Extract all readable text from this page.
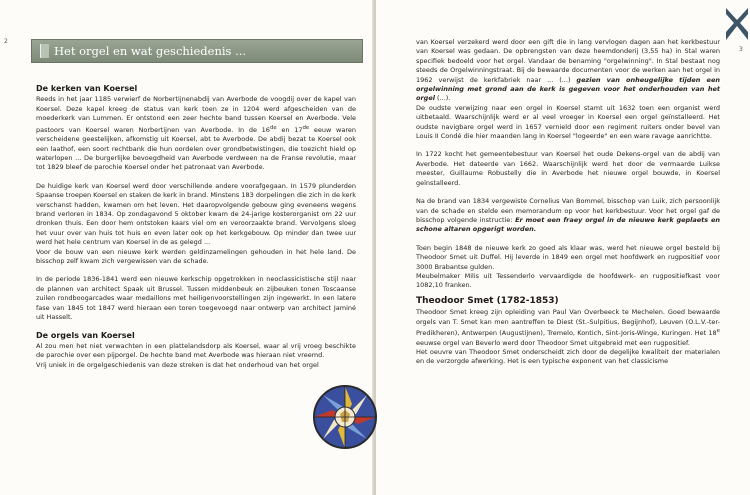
2
Het orgel en wat geschiedenis ...
De kerken van Koersel

Reeds in het jaar 1185 verwierf de Norbertijnenabdij van Averbode de voogdij over de kapel van Koersel. Deze kapel kreeg de status van kerk toen ze in 1204 werd afgescheiden van de moederkerk van Lummen. Er ontstond een zeer hechte band tussen Koersel en Averbode. Vele pastoors van Koersel waren Norbertijnen van Averbode. In de 16de en 17de eeuw waren verscheidene geestelijken, afkomstig uit Koersel, abt te Averbode. De abdij bezat te Koersel ook een laathof, een soort rechtbank die hun oordelen over grondbetwistingen, die toezicht hield op waterlopen ... De burgerlijke bevoegdheid van Averbode verdween na de Franse revolutie, maar tot 1829 bleef de parochie Koersel onder het patronaat van Averbode.

De huidige kerk van Koersel werd door verschillende andere voorafgegaan. In 1579 plunderden Spaanse troepen Koersel en staken de kerk in brand. Minstens 183 dorpelingen die zich in de kerk verschanst hadden, kwamen om het leven. Het daaropvolgende gebouw ging eveneens wegens brand verloren in 1834. Op zondagavond 5 oktober kwam de 24-jarige kosterorganist om 22 uur dronken thuis. Een door hem ontstoken kaars viel om en veroorzaakte brand. Vervolgens sloeg het vuur over van huis tot huis en even later ook op het kerkgebouw. Op minder dan twee uur werd het hele centrum van Koersel in de as gelegd ...

Voor de bouw van een nieuwe kerk werden geldinzamelingen gehouden in het hele land. De bisschop zelf kwam zich vergewissen van de schade.

In de periode 1836-1841 werd een nieuwe kerkschip opgetrokken in neoclassicistische stijl naar de plannen van architect Spaak uit Brussel. Tussen middenbeuk en zijbeuken tonen Toscaanse zuilen rondboogarcades waar medaillons met heiligenvoorstellingen zijn ingewerkt. In een latere fase van 1845 tot 1847 werd hieraan een toren toegevoegd naar ontwerp van architect Jaminé uit Hasselt.

De orgels van Koersel

Al zou men het niet verwachten in een plattelandsdorp als Koersel, waar al vrij vroeg beschikte de parochie over een pijporgel. De hechte band met Averbode was hieraan niet vreemd.

Vrij uniek in de orgelgeschiedenis van deze streken is dat het onderhoud van het orgel

3

van Koersel verzekerd werd door een gift die in lang vervlogen dagen aan het kerkbestuur van Koersel was gedaan. De opbrengsten van deze heemdonderij (3,55 ha) in Stal waren specifiek bedoeld voor het orgel. Vandaar de benaming "orgelwinning". In Stal bestaat nog steeds de Orgelwinningstraat. Bij de bewaarde documenten voor de werken aan het orgel in 1962 verwijst de kerkfabriek naar ... (...) gezien van onheugelijke tijden een orgelwinning met grond aan de kerk is gegeven voor het onderhouden van het orgel (...).

De oudste verwijzing naar een orgel in Koersel stamt uit 1632 toen een organist werd uitbetaald. Waarschijnlijk werd er al veel vroeger in Koersel een orgel geïnstalleerd. Het oudste navigbare orgel werd in 1657 vernield door een regiment ruiters onder bevel van Louis II Condé die hier maanden lang in Koersel "logeerde" en een ware ravage aanrichtte.

In 1722 kocht het gemeentebestuur van Koersel het oude Dekens-orgel van de abdij van Averbode. Het dateerde van 1662. Waarschijnlijk werd het door de vermaarde Luikse meester, Guillaume Robustelly die in Averbode het nieuwe orgel bouwde, in Koersel geïnstalleerd.

Na de brand van 1834 vergewiste Cornelius Van Bommel, bisschop van Luik, zich persoonlijk van de schade en stelde een memorandum op voor het kerkbestuur. Voor het orgel gaf de bisschop volgende instructie: Er moet een fraey orgel in de nieuwe kerk geplaets en schone altaren opgerigt worden.

Toen begin 1848 de nieuwe kerk zo goed als klaar was, werd het nieuwe orgel besteld bij Theodoor Smet uit Duffel. Hij leverde in 1849 een orgel met hoofdwerk en rugpositief voor 3000 Brabantse gulden.

Meubelmaker Milis uit Tessenderlo vervaardigde de hoofdwerk- en rugpositiefkast voor 1082,10 franken.

Theodoor Smet (1782-1853)

Theodoor Smet kreeg zijn opleiding van Paul Van Overbeeck te Mechelen. Goed bewaarde orgels van T. Smet kan men aantreffen te Diest (St.-Sulpitius, Begijnhof), Leuven (O.L.V.-ter-Predikheren), Antwerpen (Augustijnen), Tremelo, Kontich, Sint-Joris-Winge, Kuringen. Het 18e eeuwse orgel van Beverlo werd door Theodoor Smet uitgebreid met een rugpositief.

Het oeuvre van Theodoor Smet onderscheidt zich door de degelijke kwaliteit der materialen en de verzorgde afwerking. Het is een typische exponent van het classicisme
